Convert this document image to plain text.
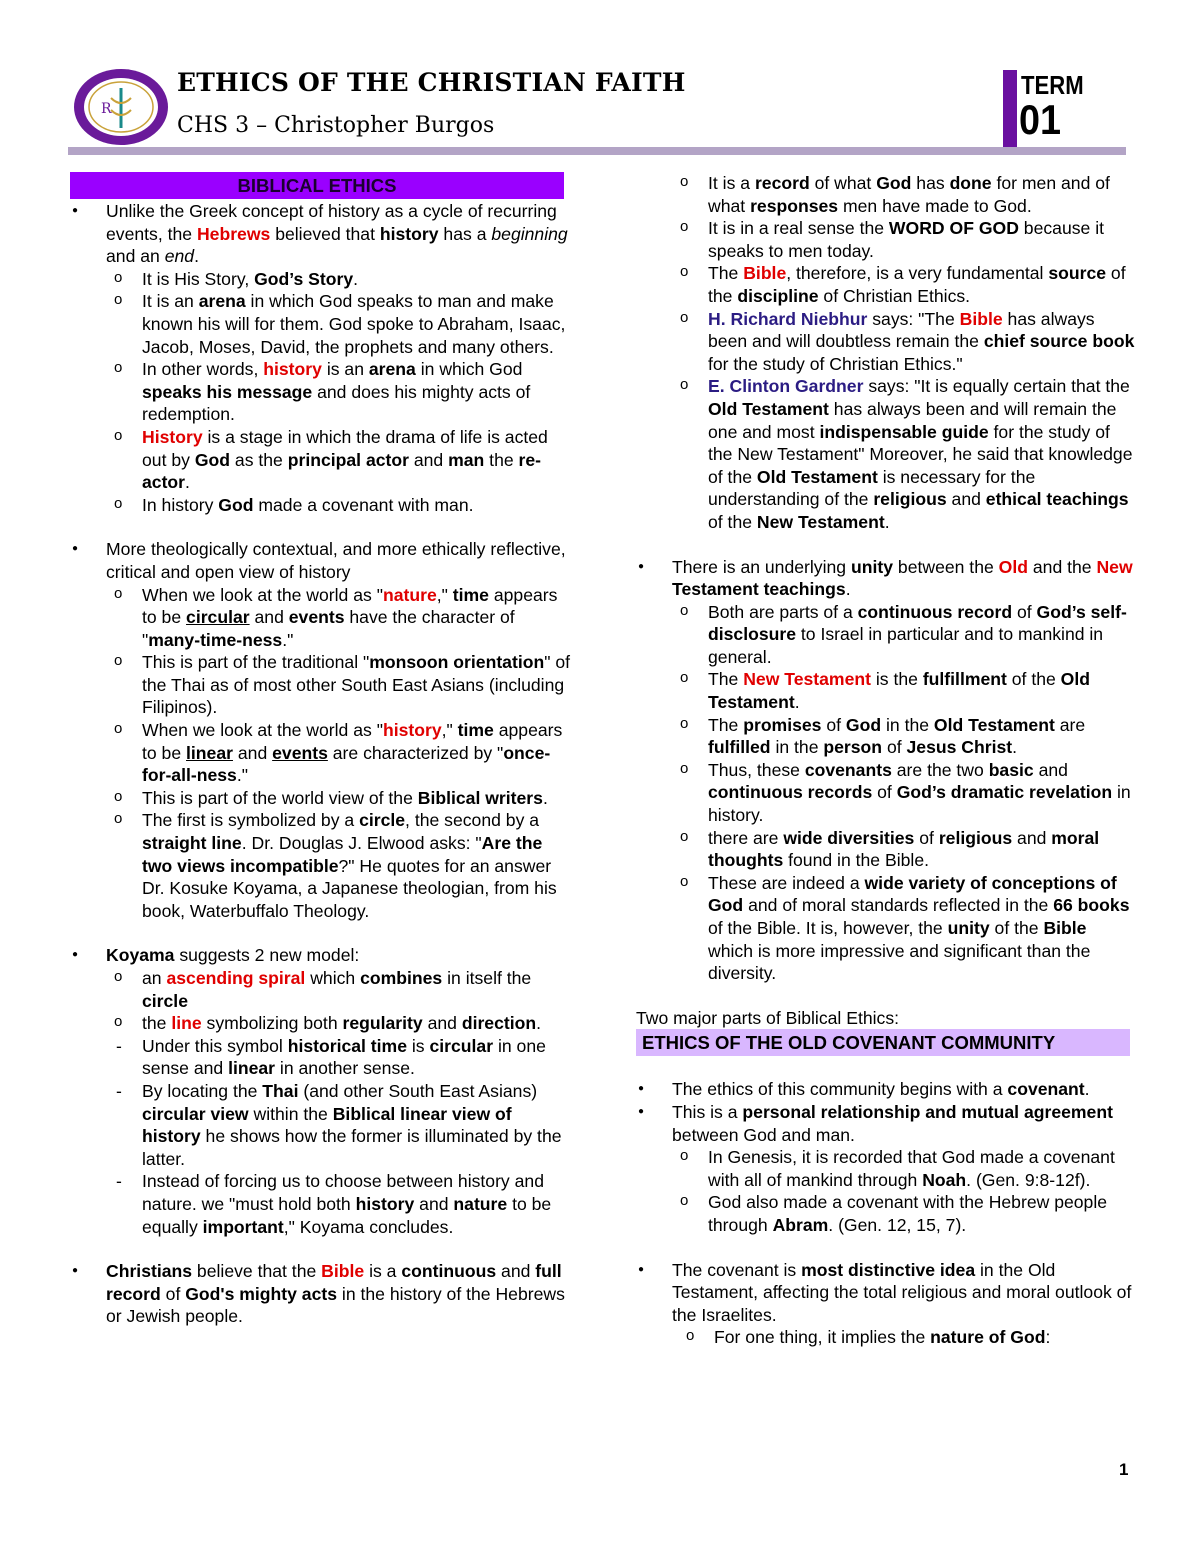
R
ETHICS OF THE CHRISTIAN FAITH
CHS 3 – Christopher Burgos
TERM
01
BIBLICAL ETHICS
● Unlike the Greek concept of history as a cycle of recurring events, the Hebrews believed that history has a beginning and an end.
o It is His Story, God’s Story.
o It is an arena in which God speaks to man and make known his will for them. God spoke to Abraham, Isaac, Jacob, Moses, David, the prophets and many others.
o In other words, history is an arena in which God speaks his message and does his mighty acts of redemption.
o History is a stage in which the drama of life is acted out by God as the principal actor and man the re-actor.
o In history God made a covenant with man.
● More theologically contextual, and more ethically reflective, critical and open view of history
o When we look at the world as "nature," time appears to be circular and events have the character of "many-time-ness."
o This is part of the traditional "monsoon orientation" of the Thai as of most other South East Asians (including Filipinos).
o When we look at the world as "history," time appears to be linear and events are characterized by "once-for-all-ness."
o This is part of the world view of the Biblical writers.
o The first is symbolized by a circle, the second by a straight line. Dr. Douglas J. Elwood asks: "Are the two views incompatible?" He quotes for an answer Dr. Kosuke Koyama, a Japanese theologian, from his book, Waterbuffalo Theology.
● Koyama suggests 2 new model:
o an ascending spiral which combines in itself the circle
o the line symbolizing both regularity and direction.
- Under this symbol historical time is circular in one sense and linear in another sense.
- By locating the Thai (and other South East Asians) circular view within the Biblical linear view of history he shows how the former is illuminated by the latter.
- Instead of forcing us to choose between history and nature. we "must hold both history and nature to be equally important," Koyama concludes.
● Christians believe that the Bible is a continuous and full record of God's mighty acts in the history of the Hebrews or Jewish people.
o It is a record of what God has done for men and of what responses men have made to God.
o It is in a real sense the WORD OF GOD because it speaks to men today.
o The Bible, therefore, is a very fundamental source of the discipline of Christian Ethics.
o H. Richard Niebhur says: "The Bible has always been and will doubtless remain the chief source book for the study of Christian Ethics."
o E. Clinton Gardner says: "It is equally certain that the Old Testament has always been and will remain the one and most indispensable guide for the study of the New Testament" Moreover, he said that knowledge of the Old Testament is necessary for the understanding of the religious and ethical teachings of the New Testament.
● There is an underlying unity between the Old and the New Testament teachings.
o Both are parts of a continuous record of God’s self-disclosure to Israel in particular and to mankind in general.
o The New Testament is the fulfillment of the Old Testament.
o The promises of God in the Old Testament are fulfilled in the person of Jesus Christ.
o Thus, these covenants are the two basic and continuous records of God’s dramatic revelation in history.
o there are wide diversities of religious and moral thoughts found in the Bible.
o These are indeed a wide variety of conceptions of God and of moral standards reflected in the 66 books of the Bible. It is, however, the unity of the Bible which is more impressive and significant than the diversity.
Two major parts of Biblical Ethics:
ETHICS OF THE OLD COVENANT COMMUNITY
● The ethics of this community begins with a covenant.
● This is a personal relationship and mutual agreement between God and man.
o In Genesis, it is recorded that God made a covenant with all of mankind through Noah. (Gen. 9:8-12f).
o God also made a covenant with the Hebrew people through Abram. (Gen. 12, 15, 7).
● The covenant is most distinctive idea in the Old Testament, affecting the total religious and moral outlook of the Israelites.
o For one thing, it implies the nature of God:
1
